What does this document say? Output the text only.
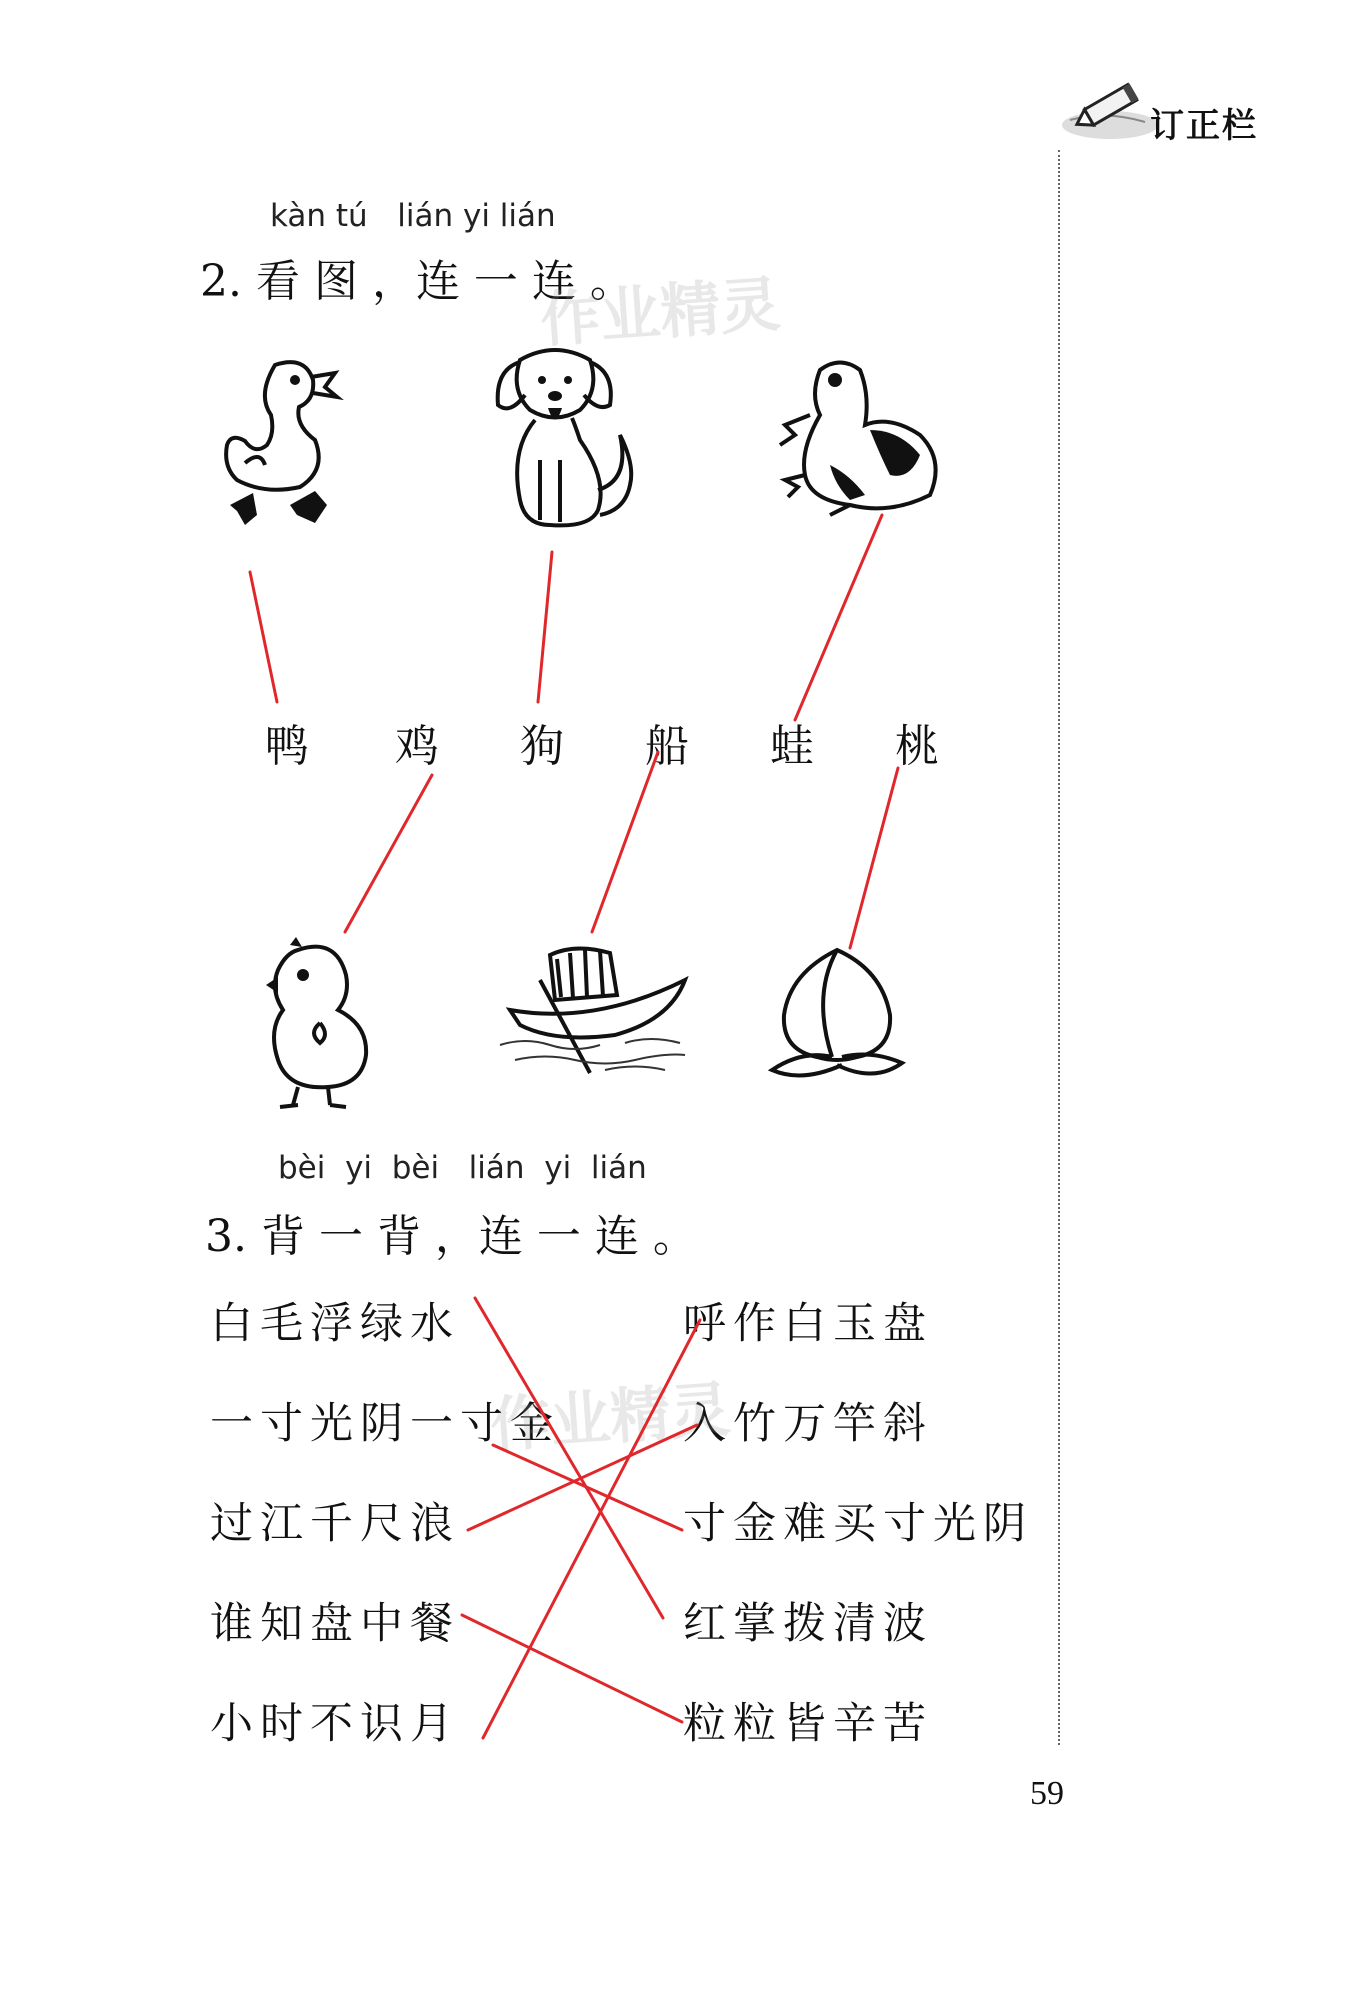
订正栏
kàn tú   lián yi lián
2. 看 图 ，连 一 连 。
鸭 鸡 狗 船 蛙 桃
bèi  yi  bèi   lián  yi  lián
3. 背 一 背 ，连 一 连 。
白毛浮绿水
一寸光阴一寸金
过江千尺浪
谁知盘中餐
小时不识月
呼作白玉盘
入竹万竿斜
寸金难买寸光阴
红掌拨清波
粒粒皆辛苦
作业精灵
作业精灵
59
